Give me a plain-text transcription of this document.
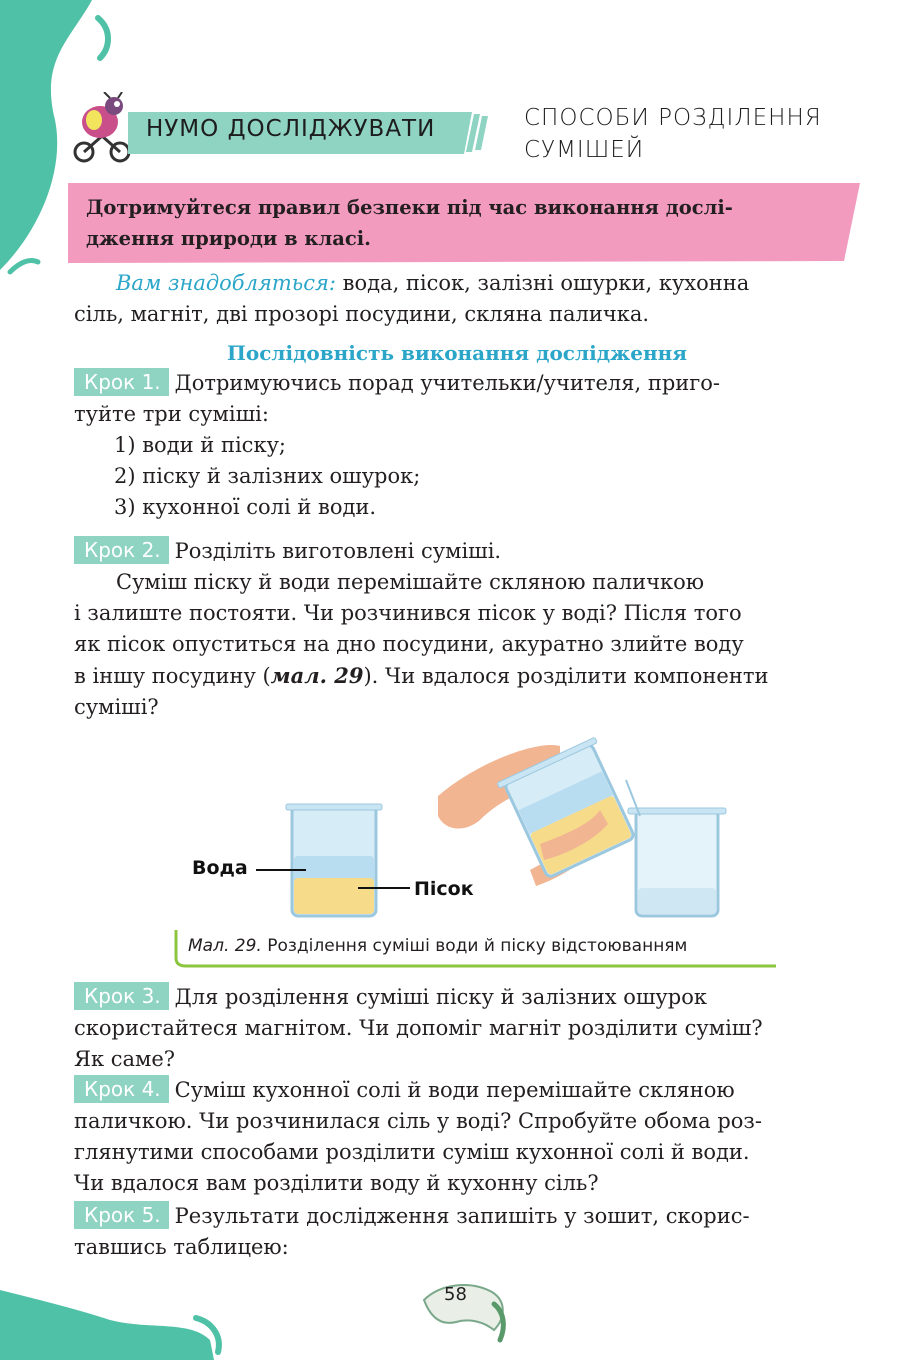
НУМО ДОСЛІДЖУВАТИ	СПОСОБИ РОЗДІЛЕННЯ
СУМІШЕЙ
Дотримуйтеся правил безпеки під час виконання дослі-
дження природи в класі.
Вам знадобляться: вода, пісок, залізні ошурки, кухонна
сіль, магніт, дві прозорі посудини, скляна паличка.
Послідовність виконання дослідження
Крок 1. Дотримуючись порад учительки/учителя, приго-
туйте три суміші:
1) води й піску;
2) піску й залізних ошурок;
3) кухонної солі й води.
Крок 2. Розділіть виготовлені суміші.
Суміш піску й води перемішайте скляною паличкою
і залиште постояти. Чи розчинився пісок у воді? Після того
як пісок опуститься на дно посудини, акуратно злийте воду
в іншу посудину (мал. 29). Чи вдалося розділити компоненти
суміші?
Вода
Пісок
Мал. 29. Розділення суміші води й піску відстоюванням
Крок 3. Для розділення суміші піску й залізних ошурок
скористайтеся магнітом. Чи допоміг магніт розділити суміш?
Як саме?
Крок 4. Суміш кухонної солі й води перемішайте скляною
паличкою. Чи розчинилася сіль у воді? Спробуйте обома роз-
глянутими способами розділити суміш кухонної солі й води.
Чи вдалося вам розділити воду й кухонну сіль?
Крок 5. Результати дослідження запишіть у зошит, скорис-
тавшись таблицею:
58
